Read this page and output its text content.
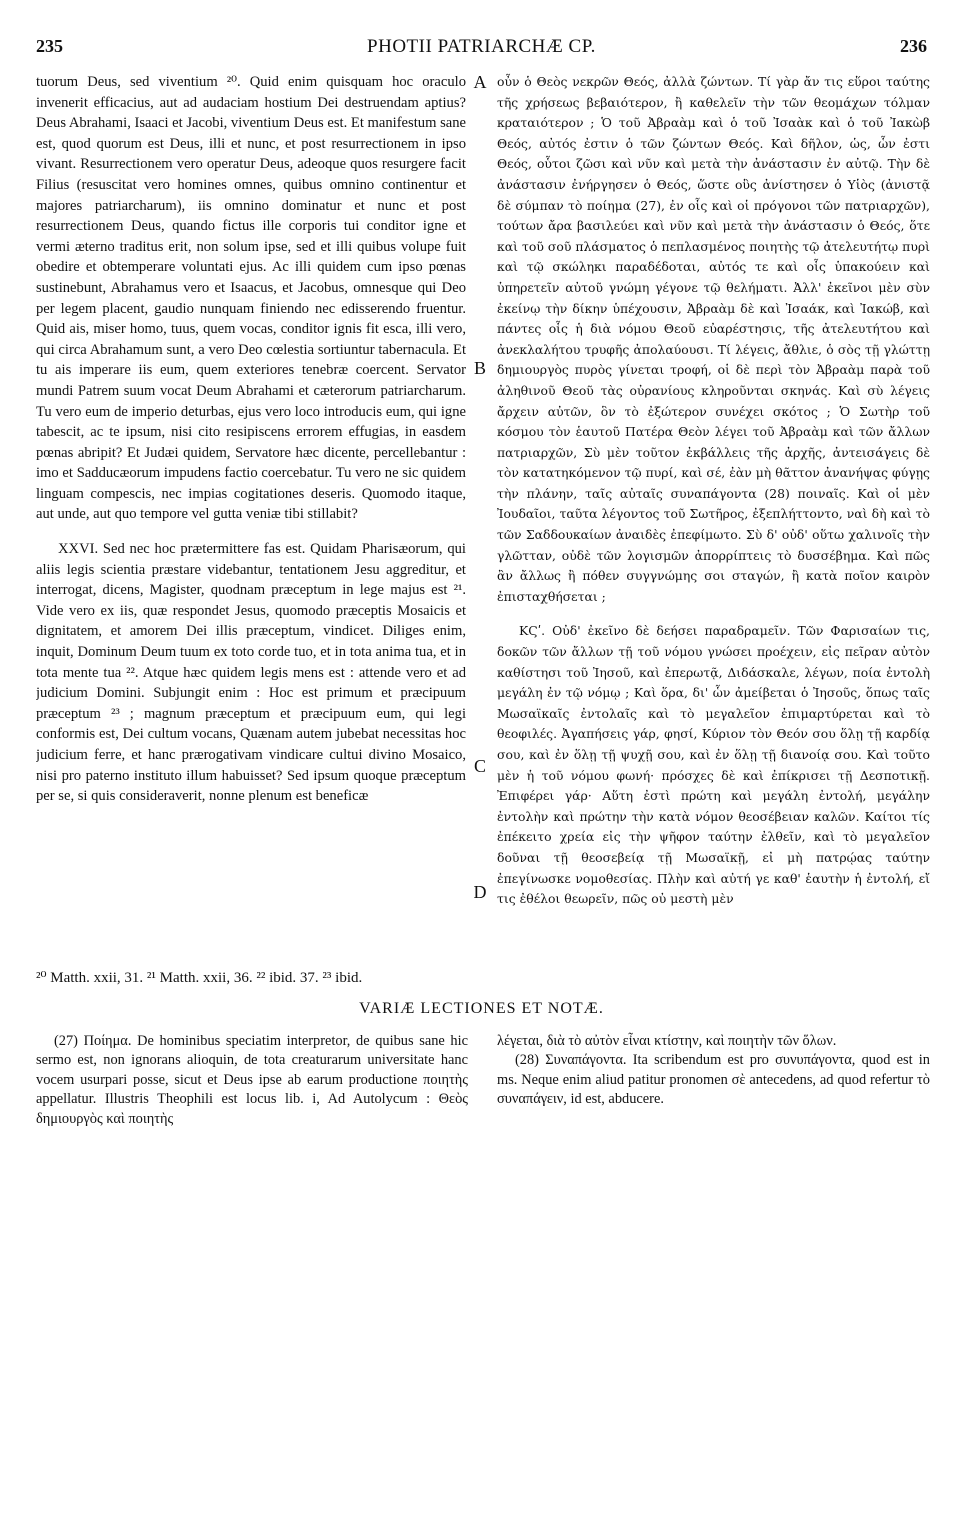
235	PHOTII PATRIARCHÆ CP.	236

tuorum Deus, sed viventium ²⁰. Quid enim quisquam hoc oraculo invenerit efficacius, aut ad audaciam hostium Dei destruendam aptius? Deus Abrahami, Isaaci et Jacobi, viventium Deus est. Et manifestum sane est, quod quorum est Deus, illi et nunc, et post resurrectionem in ipso vivant. Resurrectionem vero operatur Deus, adeoque quos resurgere facit Filius (resuscitat vero homines omnes, quibus omnino continentur et majores patriarcharum), iis omnino dominatur et nunc et post resurrectionem Deus, quando fictus ille corporis tui conditor igne et vermi æterno traditus erit, non solum ipse, sed et illi quibus volupe fuit obedire et obtemperare voluntati ejus. Ac illi quidem cum ipso pœnas sustinebunt, Abrahamus vero et Isaacus, et Jacobus, omnesque qui Deo per legem placent, gaudio nunquam finiendo nec edisserendo fruentur. Quid ais, miser homo, tuus, quem vocas, conditor ignis fit esca, illi vero, qui circa Abrahamum sunt, a vero Deo cœlestia sortiuntur tabernacula. Et tu ais imperare iis eum, quem exteriores tenebræ coercent. Servator mundi Patrem suum vocat Deum Abrahami et cæterorum patriarcharum. Tu vero eum de imperio deturbas, ejus vero loco introducis eum, qui igne tabescit, ac te ipsum, nisi cito resipiscens errorem effugias, in easdem pœnas abripit? Et Judæi quidem, Servatore hæc dicente, percellebantur : imo et Sadducæorum impudens factio coercebatur. Tu vero ne sic quidem linguam compescis, nec impias cogitationes deseris. Quomodo itaque, aut unde, aut quo tempore vel gutta veniæ tibi stillabit?

XXVI. Sed nec hoc prætermittere fas est. Quidam Pharisæorum, qui aliis legis scientia præstare videbantur, tentationem Jesu aggreditur, et interrogat, dicens, Magister, quodnam præceptum in lege majus est ²¹. Vide vero ex iis, quæ respondet Jesus, quomodo præceptis Mosaicis et dignitatem, et amorem Dei illis præceptum, vindicet. Diliges enim, inquit, Dominum Deum tuum ex toto corde tuo, et in tota anima tua, et in tota mente tua ²². Atque hæc quidem legis mens est : attende vero et ad judicium Domini. Subjungit enim : Hoc est primum et præcipuum præceptum ²³ ; magnum præceptum et præcipuum eum, qui legi conformis est, Dei cultum vocans, Quænam autem jubebat necessitas hoc judicium ferre, et hanc prærogativam vindicare cultui divino Mosaico, nisi pro paterno instituto illum habuisset? Sed ipsum quoque præceptum per se, si quis consideraverit, nonne plenum est beneficæ

A
B
C
D

οὖν ὁ Θεὸς νεκρῶν Θεός, ἀλλὰ ζώντων. Τί γὰρ ἄν τις εὕροι ταύτης τῆς χρήσεως βεβαιότερον, ἢ καθελεῖν τὴν τῶν θεομάχων τόλμαν κραταιότερον ; Ὁ τοῦ Ἀβραὰμ καὶ ὁ τοῦ Ἰσαὰκ καὶ ὁ τοῦ Ἰακὼβ Θεός, αὐτός ἐστιν ὁ τῶν ζώντων Θεός. Καὶ δῆλον, ὡς, ὧν ἐστι Θεός, οὗτοι ζῶσι καὶ νῦν καὶ μετὰ τὴν ἀνάστασιν ἐν αὐτῷ. Τὴν δὲ ἀνάστασιν ἐνήργησεν ὁ Θεός, ὥστε οὓς ἀνίστησεν ὁ Υἱὸς (ἀνιστᾷ δὲ σύμπαν τὸ ποίημα (27), ἐν οἷς καὶ οἱ πρόγονοι τῶν πατριαρχῶν), τούτων ἄρα βασιλεύει καὶ νῦν καὶ μετὰ τὴν ἀνάστασιν ὁ Θεός, ὅτε καὶ τοῦ σοῦ πλάσματος ὁ πεπλασμένος ποιητὴς τῷ ἀτελευτήτῳ πυρὶ καὶ τῷ σκώληκι παραδέδοται, αὐτός τε καὶ οἷς ὑπακούειν καὶ ὑπηρετεῖν αὐτοῦ γνώμη γέγονε τῷ θελήματι. Ἀλλ' ἐκεῖνοι μὲν σὺν ἐκείνῳ τὴν δίκην ὑπέχουσιν, Ἀβραὰμ δὲ καὶ Ἰσαάκ, καὶ Ἰακώβ, καὶ πάντες οἷς ἡ διὰ νόμου Θεοῦ εὐαρέστησις, τῆς ἀτελευτήτου καὶ ἀνεκλαλήτου τρυφῆς ἀπολαύουσι. Τί λέγεις, ἄθλιε, ὁ σὸς τῇ γλώττῃ δημιουργὸς πυρὸς γίνεται τροφή, οἱ δὲ περὶ τὸν Ἀβραὰμ παρὰ τοῦ ἀληθινοῦ Θεοῦ τὰς οὐρανίους κληροῦνται σκηνάς. Καὶ σὺ λέγεις ἄρχειν αὐτῶν, ὃν τὸ ἐξώτερον συνέχει σκότος ; Ὁ Σωτὴρ τοῦ κόσμου τὸν ἑαυτοῦ Πατέρα Θεὸν λέγει τοῦ Ἀβραὰμ καὶ τῶν ἄλλων πατριαρχῶν, Σὺ μὲν τοῦτον ἐκβάλλεις τῆς ἀρχῆς, ἀντεισάγεις δὲ τὸν κατατηκόμενον τῷ πυρί, καὶ σέ, ἐὰν μὴ θᾶττον ἀνανήψας φύγῃς τὴν πλάνην, ταῖς αὐταῖς συναπάγοντα (28) ποιναῖς. Καὶ οἱ μὲν Ἰουδαῖοι, ταῦτα λέγοντος τοῦ Σωτῆρος, ἐξεπλήττοντο, ναὶ δὴ καὶ τὸ τῶν Σαδδουκαίων ἀναιδὲς ἐπεφίμωτο. Σὺ δ' οὐδ' οὕτω χαλινοῖς τὴν γλῶτταν, οὐδὲ τῶν λογισμῶν ἀπορρίπτεις τὸ δυσσέβημα. Καὶ πῶς ἂν ἄλλως ἢ πόθεν συγγνώμης σοι σταγών, ἢ κατὰ ποῖον καιρὸν ἐπισταχθήσεται ;

ΚϚʹ. Οὐδ' ἐκεῖνο δὲ δεήσει παραδραμεῖν. Τῶν Φαρισαίων τις, δοκῶν τῶν ἄλλων τῇ τοῦ νόμου γνώσει προέχειν, εἰς πεῖραν αὐτὸν καθίστησι τοῦ Ἰησοῦ, καὶ ἐπερωτᾷ, Διδάσκαλε, λέγων, ποία ἐντολὴ μεγάλη ἐν τῷ νόμῳ ; Καὶ ὅρα, δι' ὧν ἀμείβεται ὁ Ἰησοῦς, ὅπως ταῖς Μωσαϊκαῖς ἐντολαῖς καὶ τὸ μεγαλεῖον ἐπιμαρτύρεται καὶ τὸ θεοφιλές. Ἀγαπήσεις γάρ, φησί, Κύριον τὸν Θεόν σου ὅλῃ τῇ καρδίᾳ σου, καὶ ἐν ὅλῃ τῇ ψυχῇ σου, καὶ ἐν ὅλῃ τῇ διανοίᾳ σου. Καὶ τοῦτο μὲν ἡ τοῦ νόμου φωνή· πρόσχες δὲ καὶ ἐπίκρισει τῇ Δεσποτικῇ. Ἐπιφέρει γάρ· Αὕτη ἐστὶ πρώτη καὶ μεγάλη ἐντολή, μεγάλην ἐντολὴν καὶ πρώτην τὴν κατὰ νόμον θεοσέβειαν καλῶν. Καίτοι τίς ἐπέκειτο χρεία εἰς τὴν ψῆφον ταύτην ἐλθεῖν, καὶ τὸ μεγαλεῖον δοῦναι τῇ θεοσεβείᾳ τῇ Μωσαϊκῇ, εἰ μὴ πατρῴας ταύτην ἐπεγίνωσκε νομοθεσίας. Πλὴν καὶ αὐτή γε καθ' ἑαυτὴν ἡ ἐντολή, εἴ τις ἐθέλοι θεωρεῖν, πῶς οὐ μεστὴ μὲν

²⁰ Matth. xxii, 31. ²¹ Matth. xxii, 36. ²² ibid. 37. ²³ ibid.
VARIÆ LECTIONES ET NOTÆ.

(27) Ποίημα. De hominibus speciatim interpretor, de quibus sane hic sermo est, non ignorans alioquin, de tota creaturarum universitate hanc vocem usurpari posse, sicut et Deus ipse ab earum productione ποιητὴς appellatur. Illustris Theophili est locus lib. i, Ad Autolycum : Θεὸς δημιουργὸς καὶ ποιητὴς

λέγεται, διὰ τὸ αὐτὸν εἶναι κτίστην, καὶ ποιητὴν τῶν ὅλων.

(28) Συναπάγοντα. Ita scribendum est pro συνυπάγοντα, quod est in ms. Neque enim aliud patitur pronomen σὲ antecedens, ad quod refertur τὸ συναπάγειν, id est, abducere.
